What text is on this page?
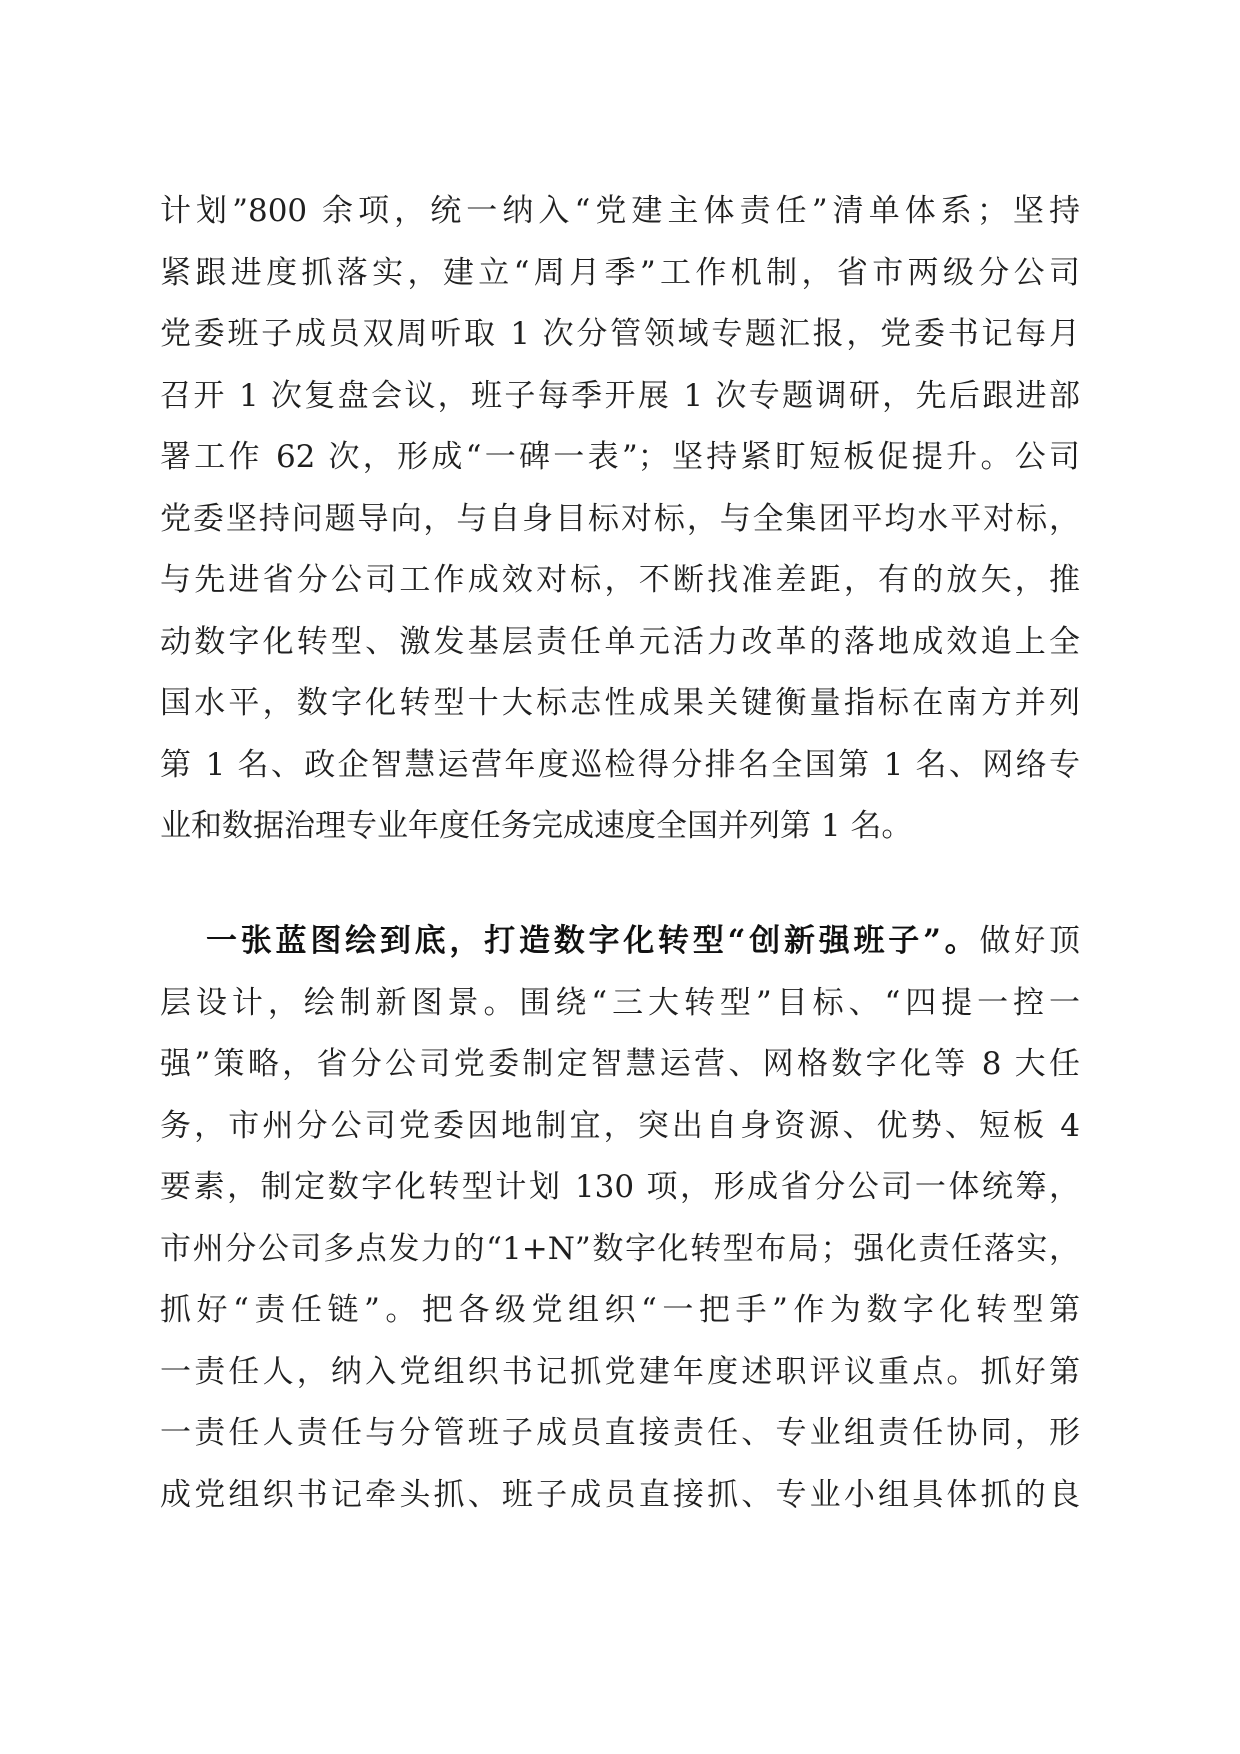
计划”800 余项，统一纳入“党建主体责任”清单体系；坚持
紧跟进度抓落实，建立“周月季”工作机制，省市两级分公司
党委班子成员双周听取 1 次分管领域专题汇报，党委书记每月
召开 1 次复盘会议，班子每季开展 1 次专题调研，先后跟进部
署工作 62 次，形成“一碑一表”；坚持紧盯短板促提升。公司
党委坚持问题导向，与自身目标对标，与全集团平均水平对标，
与先进省分公司工作成效对标，不断找准差距，有的放矢，推
动数字化转型、激发基层责任单元活力改革的落地成效追上全
国水平，数字化转型十大标志性成果关键衡量指标在南方并列
第 1 名、政企智慧运营年度巡检得分排名全国第 1 名、网络专
业和数据治理专业年度任务完成速度全国并列第 1 名。
一张蓝图绘到底，打造数字化转型“创新强班子”。做好顶
层设计，绘制新图景。围绕“三大转型”目标、“四提一控一
强”策略，省分公司党委制定智慧运营、网格数字化等 8 大任
务，市州分公司党委因地制宜，突出自身资源、优势、短板 4
要素，制定数字化转型计划 130 项，形成省分公司一体统筹，
市州分公司多点发力的“1+N”数字化转型布局；强化责任落实，
抓好“责任链”。把各级党组织“一把手”作为数字化转型第
一责任人，纳入党组织书记抓党建年度述职评议重点。抓好第
一责任人责任与分管班子成员直接责任、专业组责任协同，形
成党组织书记牵头抓、班子成员直接抓、专业小组具体抓的良
